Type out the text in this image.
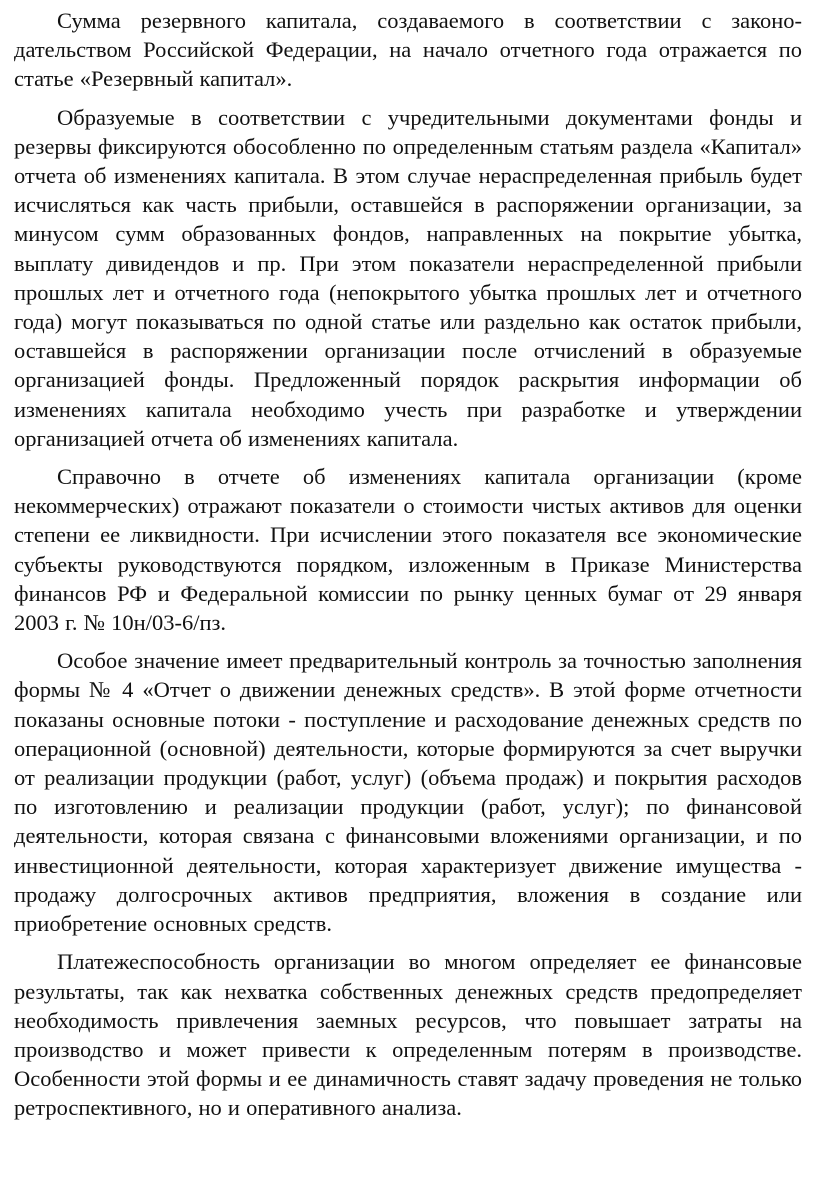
Сумма резервного капитала, создаваемого в соответствии с законодательством Российской Федерации, на начало отчетного года отражается по статье «Резервный капитал».

Образуемые в соответствии с учредительными документами фонды и резервы фиксируются обособленно по определенным статьям раздела «Капитал» отчета об изменениях капитала. В этом случае нераспределенная прибыль будет исчисляться как часть прибыли, оставшейся в распоряжении организации, за минусом сумм образованных фондов, направленных на покрытие убытка, выплату дивидендов и пр. При этом показатели нераспределенной прибыли прошлых лет и отчетного года (непокрытого убытка прошлых лет и отчетного года) могут показываться по одной статье или раздельно как остаток прибыли, оставшейся в распоряжении организации после отчислений в образуемые организацией фонды. Предложенный порядок раскрытия информации об изменениях капитала необходимо учесть при разработке и утверждении организацией отчета об изменениях капитала.

Справочно в отчете об изменениях капитала организации (кроме некоммерческих) отражают показатели о стоимости чистых активов для оценки степени ее ликвидности. При исчислении этого показателя все экономические субъекты руководствуются порядком, изложенным в Приказе Министерства финансов РФ и Федеральной комиссии по рынку ценных бумаг от 29 января 2003 г. № 10н/03-6/пз.

Особое значение имеет предварительный контроль за точностью заполнения формы № 4 «Отчет о движении денежных средств». В этой форме отчетности показаны основные потоки - поступление и расходование денежных средств по операционной (основной) деятельности, которые формируются за счет выручки от реализации продукции (работ, услуг) (объема продаж) и покрытия расходов по изготовлению и реализации продукции (работ, услуг); по финансовой деятельности, которая связана с финансовыми вложениями организации, и по инвестиционной деятельности, которая характеризует движение имущества - продажу долгосрочных активов предприятия, вложения в создание или приобретение основных средств.

Платежеспособность организации во многом определяет ее финансовые результаты, так как нехватка собственных денежных средств предопределяет необходимость привлечения заемных ресурсов, что повышает затраты на производство и может привести к определенным потерям в производстве. Особенности этой формы и ее динамичность ставят задачу проведения не только ретроспективного, но и оперативного анализа.
